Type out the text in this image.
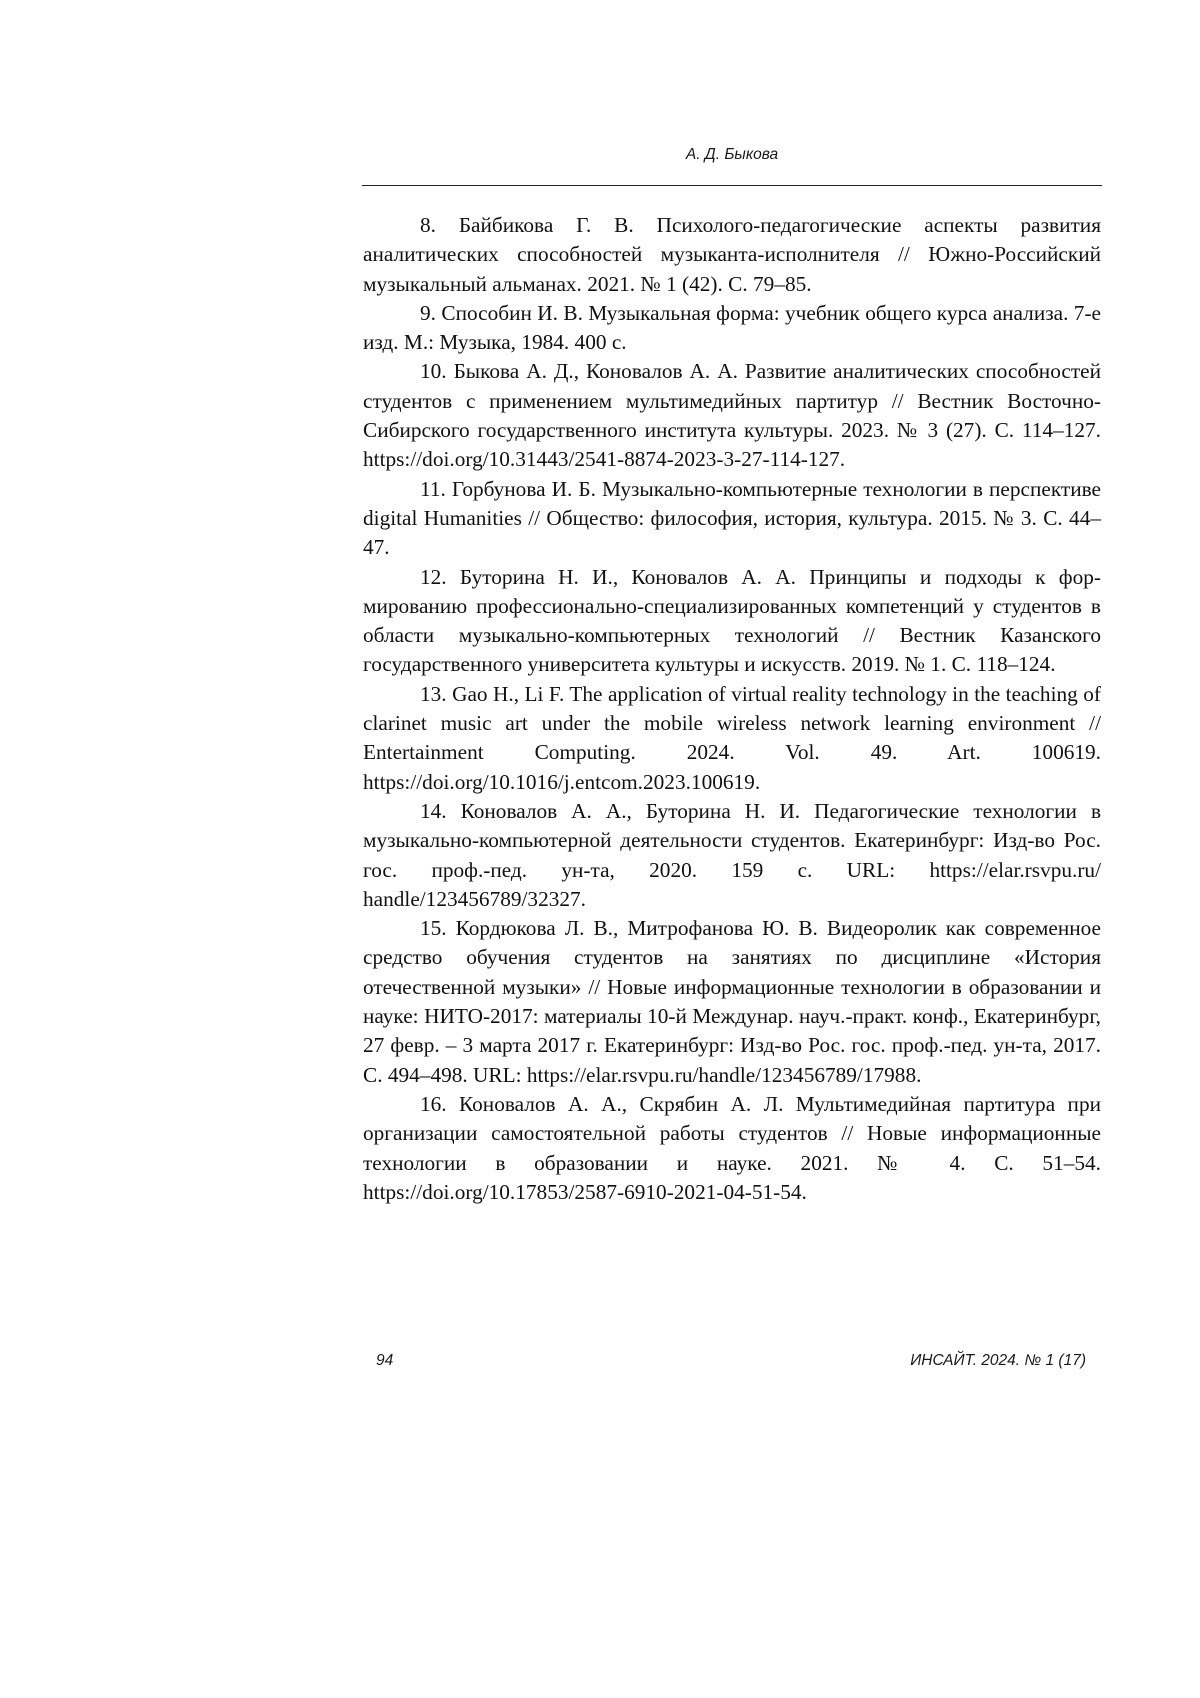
А. Д. Быкова

8. Байбикова Г. В. Психолого-педагогические аспекты развития аналитических способностей музыканта-исполнителя // Южно-Российский музыкальный альманах. 2021. № 1 (42). С. 79–85.

9. Способин И. В. Музыкальная форма: учебник общего курса анализа. 7-е изд. М.: Музыка, 1984. 400 с.

10. Быкова А. Д., Коновалов А. А. Развитие аналитических способностей студентов с применением мультимедийных партитур // Вестник Восточно-Сибирского государственного института культуры. 2023. № 3 (27). С. 114–127. https://doi.org/10.31443/2541-8874-2023-3-27-114-127.

11. Горбунова И. Б. Музыкально-компьютерные технологии в перспективе digital Humanities // Общество: философия, история, культура. 2015. № 3. С. 44–47.

12. Буторина Н. И., Коновалов А. А. Принципы и подходы к формированию профессионально-специализированных компетенций у студентов в области музыкально-компьютерных технологий // Вестник Казанского государственного университета культуры и искусств. 2019. № 1. С. 118–124.

13. Gao H., Li F. The application of virtual reality technology in the teaching of clarinet music art under the mobile wireless network learning environment // Entertainment Computing. 2024. Vol. 49. Art. 100619. https://doi.org/10.1016/j.entcom.2023.100619.

14. Коновалов А. А., Буторина Н. И. Педагогические технологии в музыкально-компьютерной деятельности студентов. Екатеринбург: Изд-во Рос. гос. проф.-пед. ун-та, 2020. 159 с. URL: https://elar.rsvpu.ru/ handle/123456789/32327.

15. Кордюкова Л. В., Митрофанова Ю. В. Видеоролик как современное средство обучения студентов на занятиях по дисциплине «История отечественной музыки» // Новые информационные технологии в образовании и науке: НИТО-2017: материалы 10-й Междунар. науч.-практ. конф., Екатеринбург, 27 февр. – 3 марта 2017 г. Екатеринбург: Изд-во Рос. гос. проф.-пед. ун-та, 2017. С. 494–498. URL: https://elar.rsvpu.ru/handle/123456789/17988.

16. Коновалов А. А., Скрябин А. Л. Мультимедийная партитура при организации самостоятельной работы студентов // Новые информационные технологии в образовании и науке. 2021. № 4. С. 51–54. https://doi.org/10.17853/2587-6910-2021-04-51-54.

94	ИНСАЙТ. 2024. № 1 (17)
